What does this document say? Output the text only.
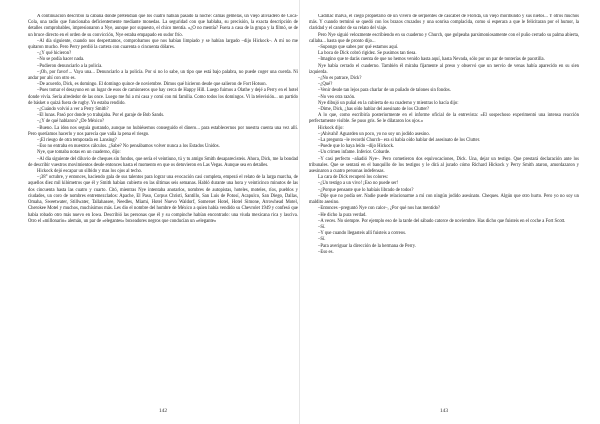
A continuación describió la cabaña donde pretendían que los cuatro habían pasado la noche: camas gemelas, un viejo aliviadero de Coca-Cola, una radio que funcionaba deficientemente mediante monedas. La seguridad con que hablaba, su precisión, la exacta descripción de detalles comprobables, impresionaron a Nye, aunque por supuesto, el chico mentía. «¿O no mentía? Fuera a casa de la grupa y la filmó, se de un bruce directo en el orden de su convicción, Nye estaba empapado en sudor frío.

–Al día siguiente, cuando nos despertamos, comprobamos que nos habían limpiado y se habían largado –dijo Hickock–. A mí no me quitaron mucho. Pero Perry perdió la cartera con cuarenta o cincuenta dólares.

–¿Y qué hicieron?

–No se podía hacer nada.

–Pudieron denunciarlo a la policía.

–¡Oh, por favor!... Vaya una... Denunciarlo a la policía. Por si no lo sabe, un tipo que está bajo palabra, no puede coger una cuerda. Ni andar por ahí con otro es.

–De acuerdo, Dick, es domingo. El domingo quince de noviembre. Dimos qué hicieron desde que salieron de Fort Hotson.

–Pues tomar el desayuno en un lugar de esos de camioneros que hay cerca de Happy Hill. Luego fuimos a Olathe y dejé a Perry en el hotel donde vivía. Sería alrededor de las once. Luego me fui a mi casa y comí con mi familia. Como todos los domingos. Vi la televisión... un partido de básket o quizá fuera de rugby. Yo estaba rendido.

–¿Cuándo volvió a ver a Perry Smith?

–El lunas. Pasó por donde yo trabajaba. Por el garaje de Bob Sands.

–¿Y de qué hablaron? ¿De México?

–Bueno. La idea nos seguía gustando, aunque no hubiésemos conseguido el dinero... para establecernos por nuestra cuenta una vez allí. Pero queríamos hacerlo y nos parecía que valía la pena el riesgo.

–¡El riesgo de otra temporada en Lansing?

–Eso no entraba en nuestros cálculos. ¿Sabe? No pensábamos volver nunca a los Estados Unidos.

Nye, que tomaba notas en un cuaderno, dijo:

–Al día siguiente del diluvio de cheques sin fondos, que sería el veintiuno, tú y tu amigo Smith desaparecisteis. Ahora, Dick, me la bondad de describir vuestros movimientos desde entonces hasta el momento en que os detuvieron en Las Vegas. Aunque sea en detalles.

Hickock dejó escapar un silbido y mas los ojos al techo.

–¡38° octubre, y entonces, haciendo gala de sus talentos para lograr una evocación casi completa, empezó el relato de la larga marcha, de aquellos diez mil kilómetros que él y Smith habían cubierto en las últimas seis semanas. Habló durante una hora y veinticinco minutos de las dos cincuenta hasta las cuatro y cuarto. Citó, mientras Nye intentaba anotarlos, nombres de autopistas, hoteles, moteles, ríos, pueblos y ciudades, un coro de nombres entremezclados: Apache, El Paso, Corpus Christi, Santillo, San Luis de Potosí, Acapulco, San Diego, Dallas, Omaha, Sweetwater, Stillwater, Tallahassee, Needles, Miami, Hotel Nuevo Waldorf, Somerset Hotel, Hotel Simone, Arrowhead Motel, Cherokee Motel y muchos, muchísimos más. Les dio el nombre del hombre de México a quien había vendido su Chevrolet 1949 y confesó que había robado otro más nuevo en Iowa. Describió las personas que él y su compinche habían encontrado: una viuda mexicana rica y lasciva. Otro el «millonario» alemán, un par de «elegantes» boxeadores negros que conducían un «elegante»

142

Cadillac malva, el ciego propietario de un vivero de serpientes de cascabel de Florida, un viejo moribundo y sus nietos... Y otros muchos más. Y cuando terminó se quedó con los brazos cruzados y una sonrisa complacida, como si esperara a que le felicitaran por el humor, la claridad y el candor de su relato del viaje.

Pero Nye siguió velozmente escribiendo en su cuaderno y Church, que golpeaba parsimoniosamente con el puño cerrado su palma abierta, callaba... hasta que de pronto dijo...

–Supongo que sabes por qué estamos aquí.

La boca de Dick cobró rigidez. Se pusimos tan tiesa.

–Imagino que te darás cuenta de que no hemos venido hasta aquí, hasta Nevada, sólo por un par de tonterías de pacotilla.

Nye había cerrado el cuaderno. También él miraba fijamente al preso y observó que un nervio de venas había aparecido en su sien izquierda.

–¿No es patrace, Dick?

–¿Qué?

–Venir desde tan lejos para charlar de un puñado de talones sin fondos.

–No veo otra razón.

Nye dibujó un puñal en la cubierta de su cuaderno y mientras lo hacía dijo:

–Dime, Dick, ¿has oído hablar del asesinato de los Clutter?

A lo que, como escribiría posteriormente en el informe oficial de la entrevista: «El sospechoso experimentó una intensa reacción perfectamente visible. Se puso gris. Se le dilataron los ojos.»

Hickock dijo:

–¡Ahivahí! Aguarden un poco, yo no soy un jodido asesino.

–La pregunta –le recordó Church– era si había oído hablar del asesinato de los Clutter.

–Puede que lo haya leído –dijo Hickock.

–Un crimen infame. Inferior. Cobarde.

–Y casi perfecto –añadió Nye–. Pero cometieron dos equivocaciones, Dick. Una, dejar un testigo. Que prestará declaración ante los tribunales. Que se sentará en el banquillo de los testigos y le dirá al jurado cómo Richard Hickock y Perry Smith ataron, amordazaron y asesinaron a cuatro personas indefensas.

La cara de Dick recuperó los colores:

–¿Un testigo a un vivo! ¡Eso no puede ser!

–¿Porque pensaste que lo habíais librado de todos?

–Dije que no podía ser. Nadie puede relacionarme a mí con ningún jodido asesinato. Cheques. Algún que otro hurto. Pero yo no soy un maldito asesino.

–Entonces –preguntó Nye con calor–, ¿Por qué nos has mentido?

–He dicho la pura verdad.

–A veces. No siempre. Por ejemplo eso de la tarde del sábado catorce de noviembre. Has dicho que fuisteis en el coche a Fort Scott.

–Sí.

–Y que cuando llegasteis allí fuisteis a correos.

–Sí.

–Para averiguar la dirección de la hermana de Perry.

–Eso es.

143
